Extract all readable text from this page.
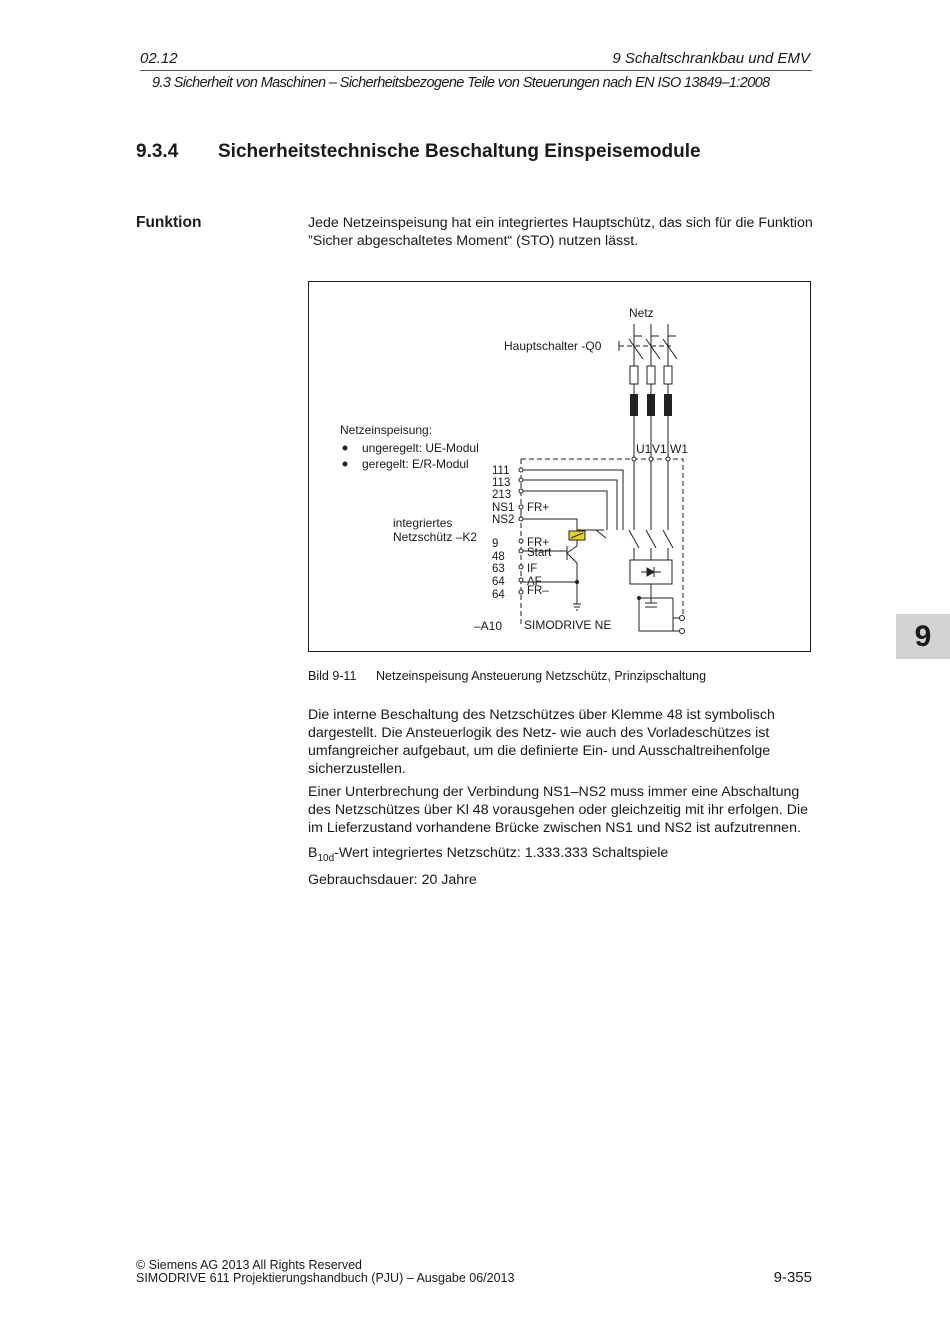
02.12	9 Schaltschrankbau und EMV
9.3 Sicherheit von Maschinen – Sicherheitsbezogene Teile von Steuerungen nach EN ISO 13849–1:2008
9.3.4 Sicherheitstechnische Beschaltung Einspeisemodule
Funktion	Jede Netzeinspeisung hat ein integriertes Hauptschütz, das sich für die Funktion ”Sicher abgeschaltetes Moment“ (STO) nutzen lässt.
Netz
Hauptschalter -Q0
Netzeinspeisung:
ungeregelt: UE-Modul
geregelt: E/R-Modul
integriertes
Netzschütz –K2
U1 V1 W1
–A10 SIMODRIVE NE
111
113
213
NS1
NS2
9
48
63
64
64
FR+
FR+
Start
IF
AF
FR–
Bild 9-11 Netzeinspeisung Ansteuerung Netzschütz, Prinzipschaltung
Die interne Beschaltung des Netzschützes über Klemme 48 ist symbolisch dargestellt. Die Ansteuerlogik des Netz- wie auch des Vorladeschützes ist umfangreicher aufgebaut, um die definierte Ein- und Ausschaltreihenfolge sicherzustellen.
Einer Unterbrechung der Verbindung NS1–NS2 muss immer eine Abschaltung des Netzschützes über Kl 48 vorausgehen oder gleichzeitig mit ihr erfolgen. Die im Lieferzustand vorhandene Brücke zwischen NS1 und NS2 ist aufzutrennen.
$B_{10d}$-Wert integriertes Netzschütz: 1.333.333 Schaltspiele
Gebrauchsdauer: 20 Jahre
9
© Siemens AG 2013 All Rights Reserved
SIMODRIVE 611 Projektierungshandbuch (PJU) – Ausgabe 06/2013	9-355
